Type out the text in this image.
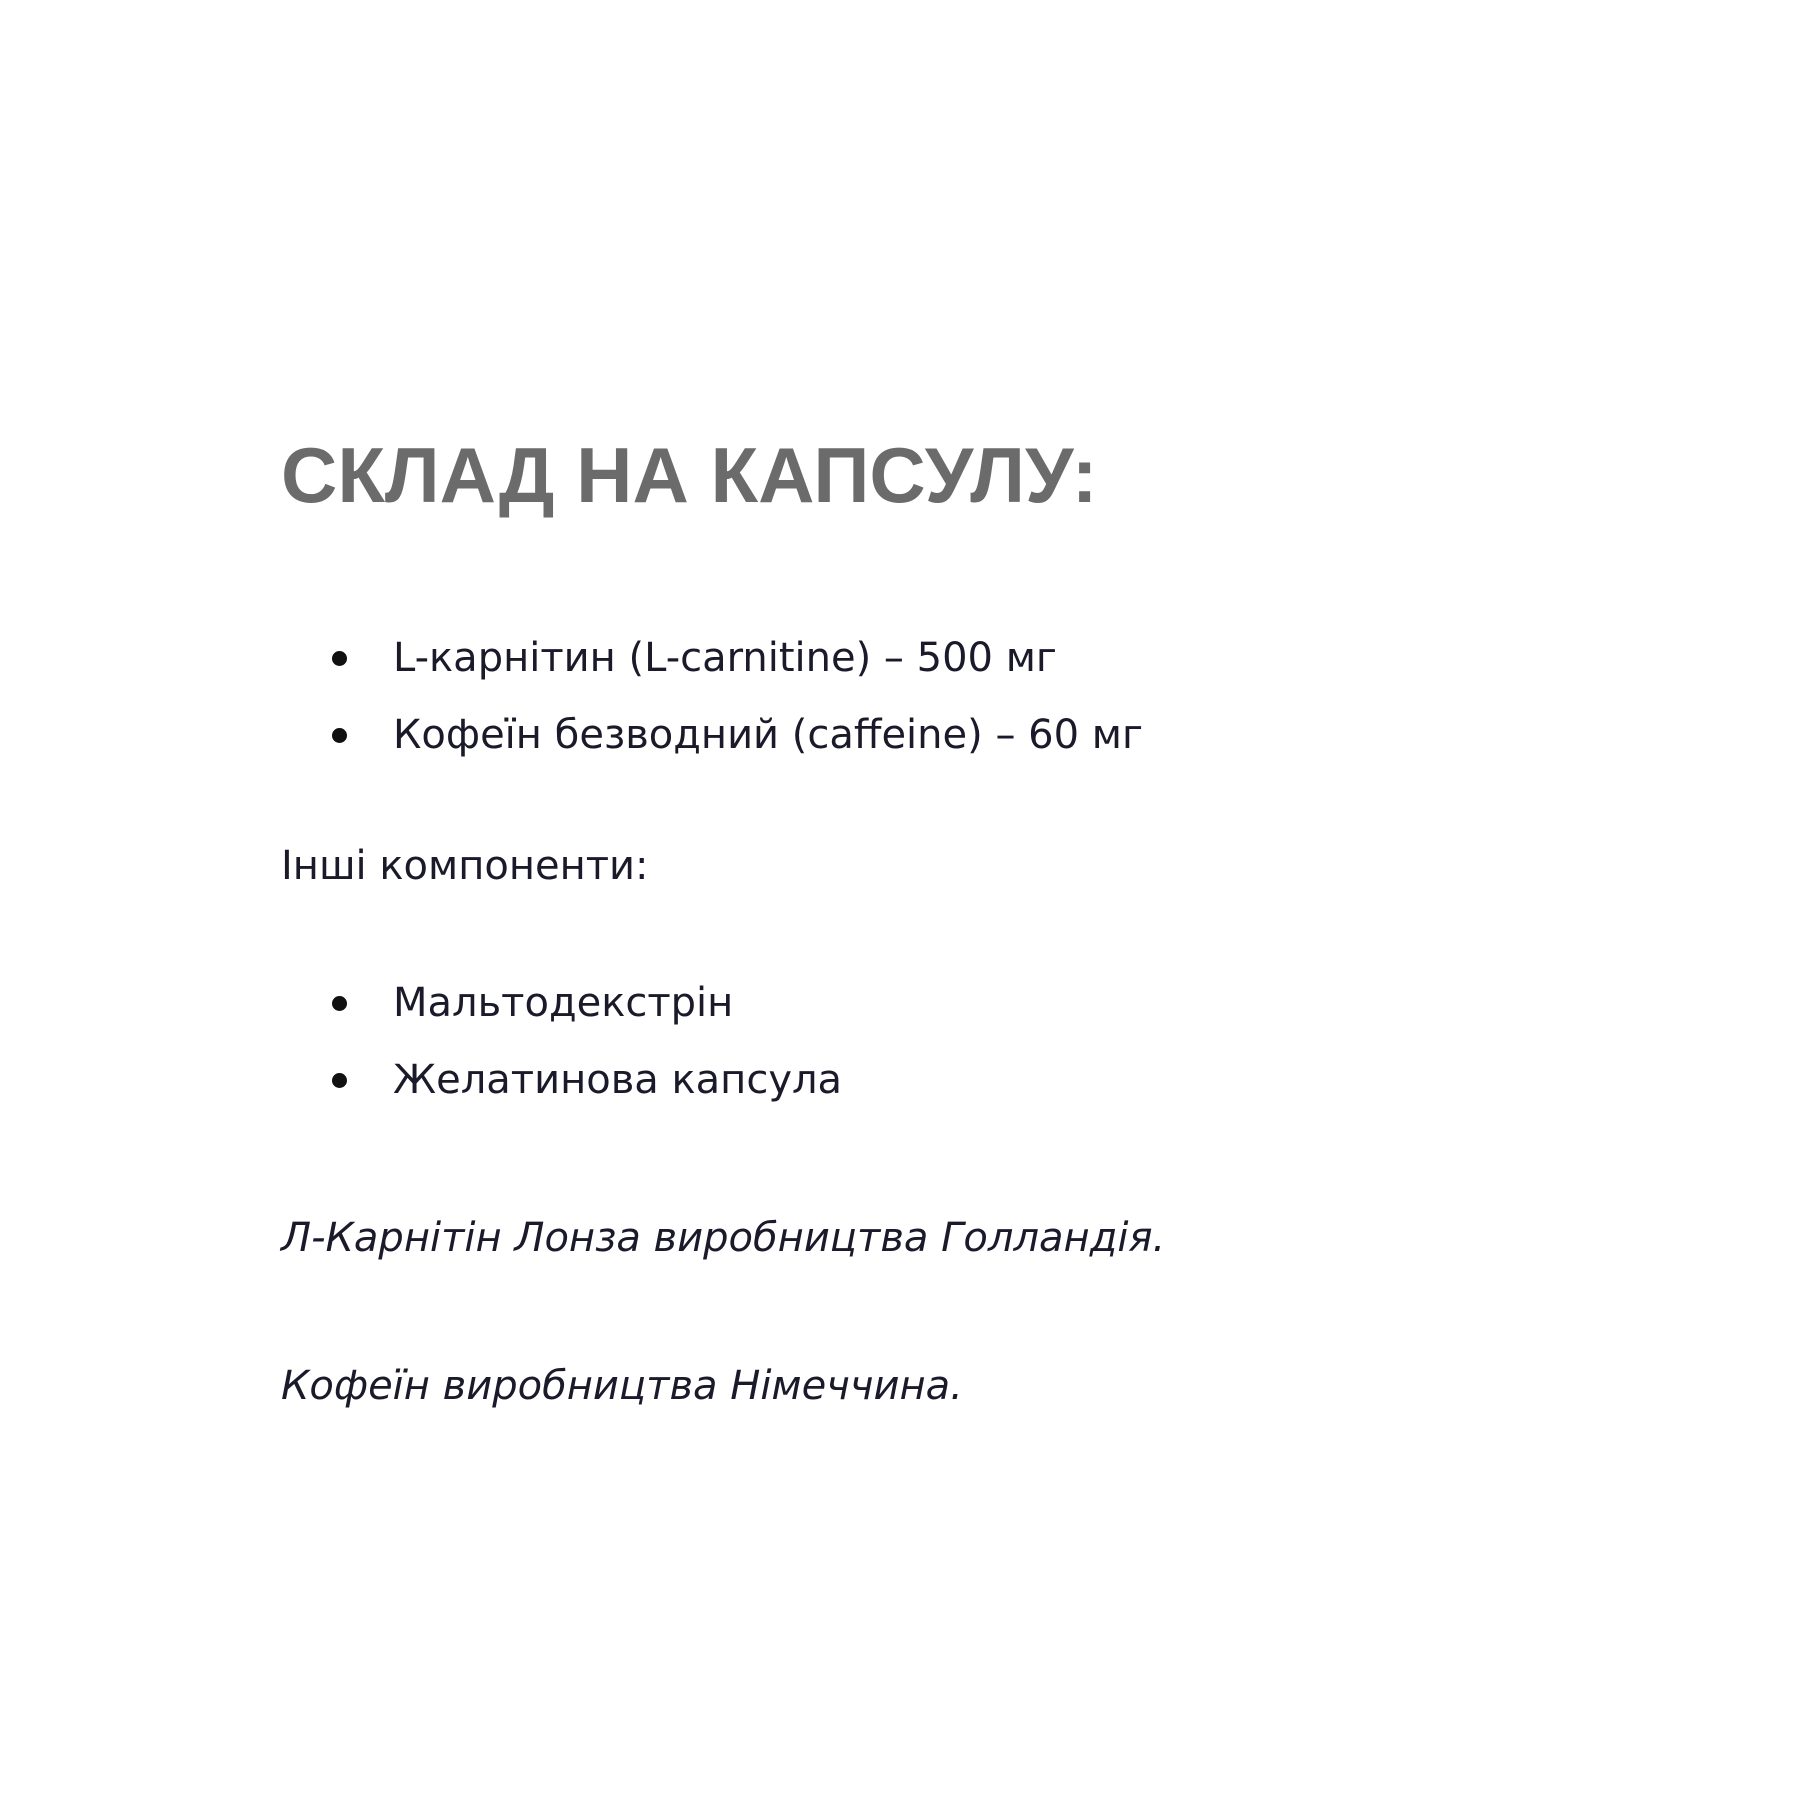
СКЛАД НА КАПСУЛУ:
L-карнітин (L-carnitine) – 500 мг
Кофеїн безводний (caffeine) – 60 мг

Інші компоненти:

Мальтодекстрін
Желатинова капсула

Л-Карнітін Лонза виробництва Голландія.

Кофеїн виробництва Німеччина.
